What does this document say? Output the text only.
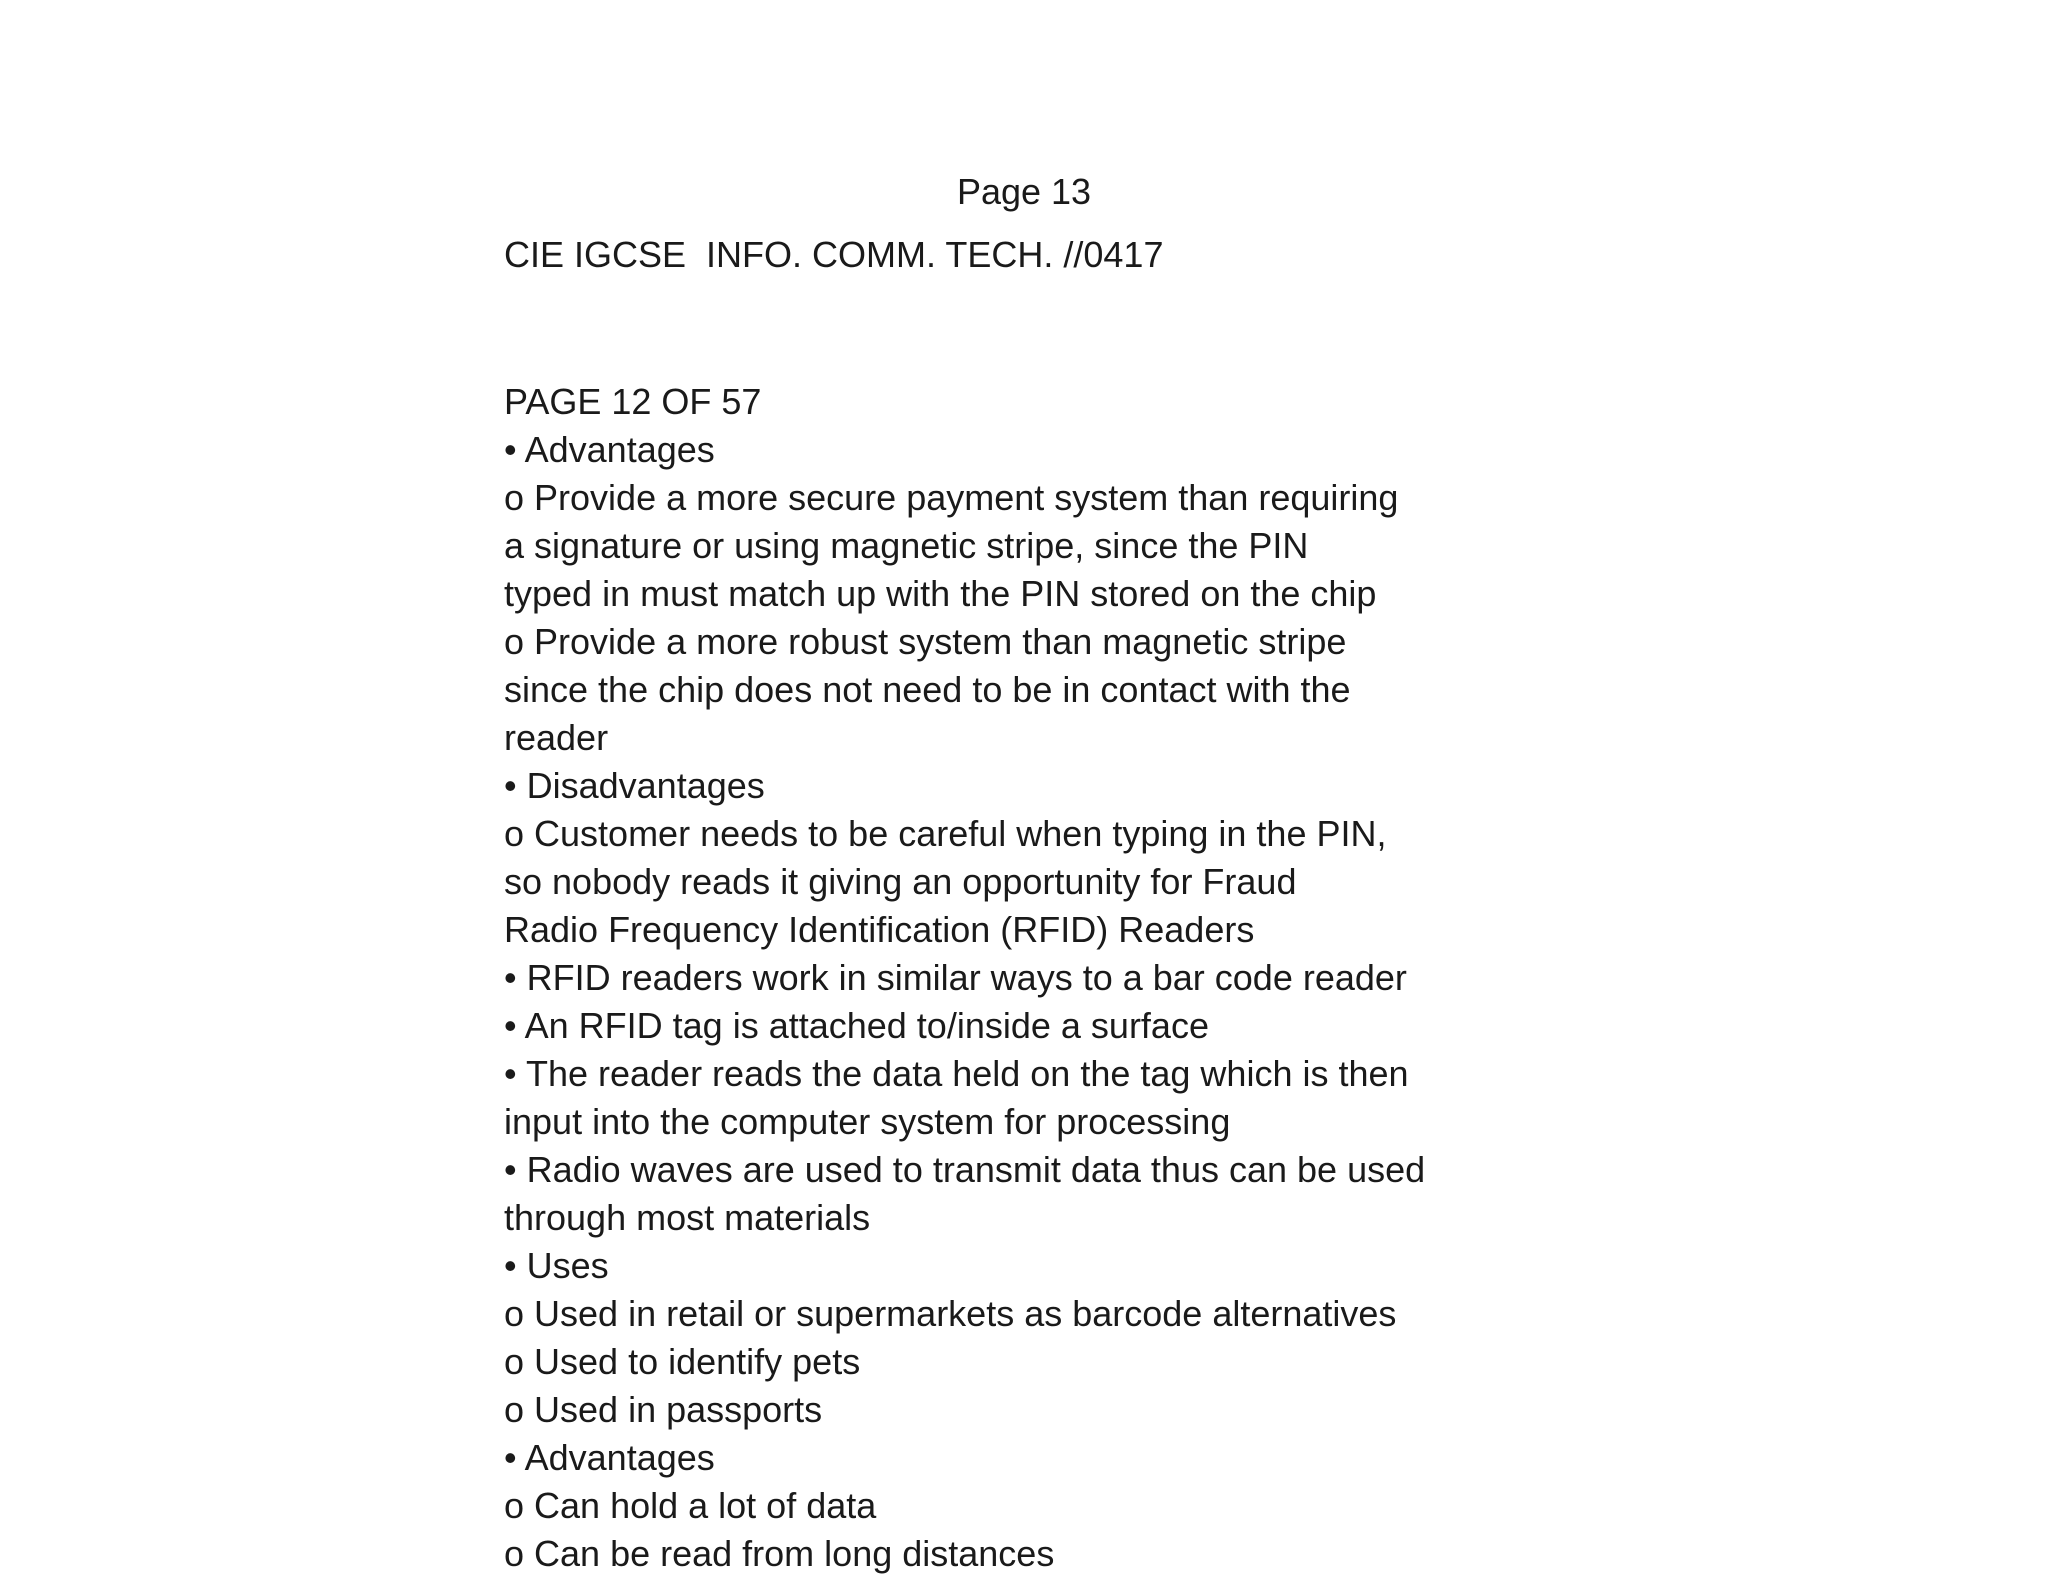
Page 13
CIE IGCSE  INFO. COMM. TECH. //0417
PAGE 12 OF 57
• Advantages
o Provide a more secure payment system than requiring
a signature or using magnetic stripe, since the PIN
typed in must match up with the PIN stored on the chip
o Provide a more robust system than magnetic stripe
since the chip does not need to be in contact with the
reader
• Disadvantages
o Customer needs to be careful when typing in the PIN,
so nobody reads it giving an opportunity for Fraud
Radio Frequency Identification (RFID) Readers
• RFID readers work in similar ways to a bar code reader
• An RFID tag is attached to/inside a surface
• The reader reads the data held on the tag which is then
input into the computer system for processing
• Radio waves are used to transmit data thus can be used
through most materials
• Uses
o Used in retail or supermarkets as barcode alternatives
o Used to identify pets
o Used in passports
• Advantages
o Can hold a lot of data
o Can be read from long distances
